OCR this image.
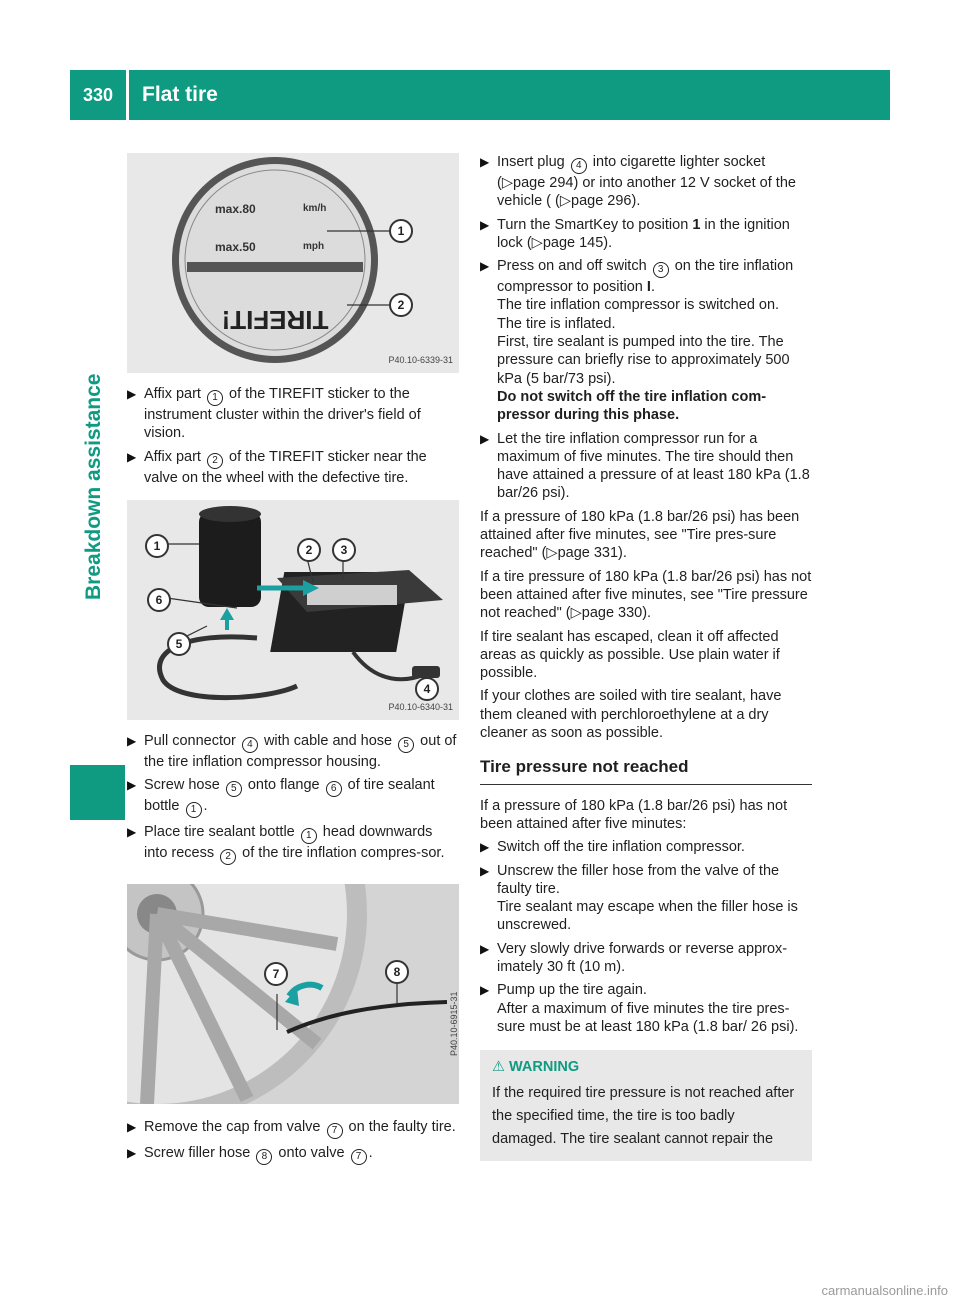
330	Flat tire
Breakdown assistance
max.80	km/h
max.50	mph
TIREFIT!
1
2
P40.10-6339-31
▶ Affix part 1 of the TIREFIT sticker to the instrument cluster within the driver's field of vision.
▶ Affix part 2 of the TIREFIT sticker near the valve on the wheel with the defective tire.
1	2	3
4
5
6
P40.10-6340-31
▶ Pull connector 4 with cable and hose 5 out of the tire inflation compressor housing.
▶ Screw hose 5 onto flange 6 of tire sealant bottle 1 .
▶ Place tire sealant bottle 1 head downwards into recess 2 of the tire inflation compres-sor.
7	8
P40.10-6915-31
▶ Remove the cap from valve 7 on the faulty tire.
▶ Screw filler hose 8 onto valve 7 .
▶ Insert plug 4 into cigarette lighter socket (▷page 294) or into another 12 V socket of the vehicle ( (▷page 296).
▶ Turn the SmartKey to position 1 in the ignition lock (▷page 145).
▶ Press on and off switch 3 on the tire inflation compressor to position I.
The tire inflation compressor is switched on.
The tire is inflated.
First, tire sealant is pumped into the tire. The pressure can briefly rise to approximately 500 kPa (5 bar/73 psi).
Do not switch off the tire inflation com-pressor during this phase.
▶ Let the tire inflation compressor run for a maximum of five minutes. The tire should then have attained a pressure of at least 180 kPa (1.8 bar/26 psi).
If a pressure of 180 kPa (1.8 bar/26 psi) has been attained after five minutes, see "Tire pres-sure reached" (▷page 331).
If a tire pressure of 180 kPa (1.8 bar/26 psi) has not been attained after five minutes, see "Tire pressure not reached" (▷page 330).
If tire sealant has escaped, clean it off affected areas as quickly as possible. Use plain water if possible.
If your clothes are soiled with tire sealant, have them cleaned with perchloroethylene at a dry cleaner as soon as possible.
Tire pressure not reached
If a pressure of 180 kPa (1.8 bar/26 psi) has not been attained after five minutes:
▶ Switch off the tire inflation compressor.
▶ Unscrew the filler hose from the valve of the faulty tire.
Tire sealant may escape when the filler hose is unscrewed.
▶ Very slowly drive forwards or reverse approx-imately 30 ft (10 m).
▶ Pump up the tire again.
After a maximum of five minutes the tire pres-sure must be at least 180 kPa (1.8 bar/ 26 psi).
⚠ WARNING
If the required tire pressure is not reached after the specified time, the tire is too badly damaged. The tire sealant cannot repair the
carmanualsonline.info
